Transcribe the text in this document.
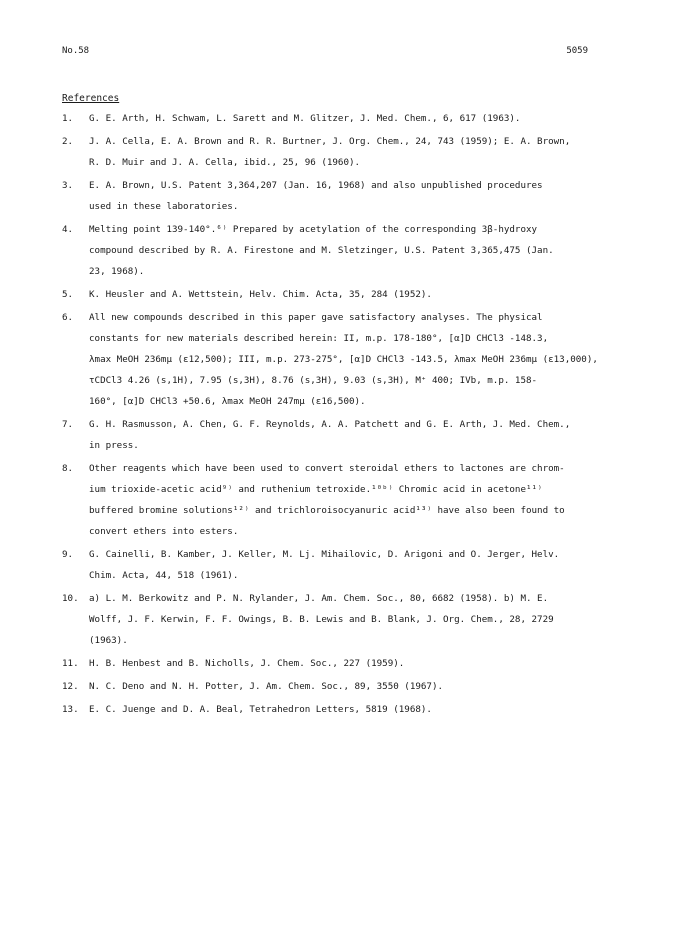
No.58	5059
References
1.	G. E. Arth, H. Schwam, L. Sarett and M. Glitzer, J. Med. Chem., 6, 617 (1963).
2.	J. A. Cella, E. A. Brown and R. R. Burtner, J. Org. Chem., 24, 743 (1959); E. A. Brown,
R. D. Muir and J. A. Cella, ibid., 25, 96 (1960).
3.	E. A. Brown, U.S. Patent 3,364,207 (Jan. 16, 1968) and also unpublished procedures
used in these laboratories.
4.	Melting point 139-140°.⁶⁾ Prepared by acetylation of the corresponding 3β-hydroxy
compound described by R. A. Firestone and M. Sletzinger, U.S. Patent 3,365,475 (Jan.
23, 1968).
5.	K. Heusler and A. Wettstein, Helv. Chim. Acta, 35, 284 (1952).
6.	All new compounds described in this paper gave satisfactory analyses. The physical
constants for new materials described herein: II, m.p. 178-180°, [α]D CHCl3 -148.3,
λmax MeOH 236mμ (ε12,500); III, m.p. 273-275°, [α]D CHCl3 -143.5, λmax MeOH 236mμ (ε13,000),
τCDCl3 4.26 (s,1H), 7.95 (s,3H), 8.76 (s,3H), 9.03 (s,3H), M⁺ 400; IVb, m.p. 158-
160°, [α]D CHCl3 +50.6, λmax MeOH 247mμ (ε16,500).
7.	G. H. Rasmusson, A. Chen, G. F. Reynolds, A. A. Patchett and G. E. Arth, J. Med. Chem.,
in press.
8.	Other reagents which have been used to convert steroidal ethers to lactones are chrom-
ium trioxide-acetic acid⁹⁾ and ruthenium tetroxide.¹⁰ᵇ⁾ Chromic acid in acetone¹¹⁾
buffered bromine solutions¹²⁾ and trichloroisocyanuric acid¹³⁾ have also been found to
convert ethers into esters.
9.	G. Cainelli, B. Kamber, J. Keller, M. Lj. Mihailovic, D. Arigoni and O. Jerger, Helv.
Chim. Acta, 44, 518 (1961).
10.	a) L. M. Berkowitz and P. N. Rylander, J. Am. Chem. Soc., 80, 6682 (1958). b) M. E.
Wolff, J. F. Kerwin, F. F. Owings, B. B. Lewis and B. Blank, J. Org. Chem., 28, 2729
(1963).
11.	H. B. Henbest and B. Nicholls, J. Chem. Soc., 227 (1959).
12.	N. C. Deno and N. H. Potter, J. Am. Chem. Soc., 89, 3550 (1967).
13.	E. C. Juenge and D. A. Beal, Tetrahedron Letters, 5819 (1968).
